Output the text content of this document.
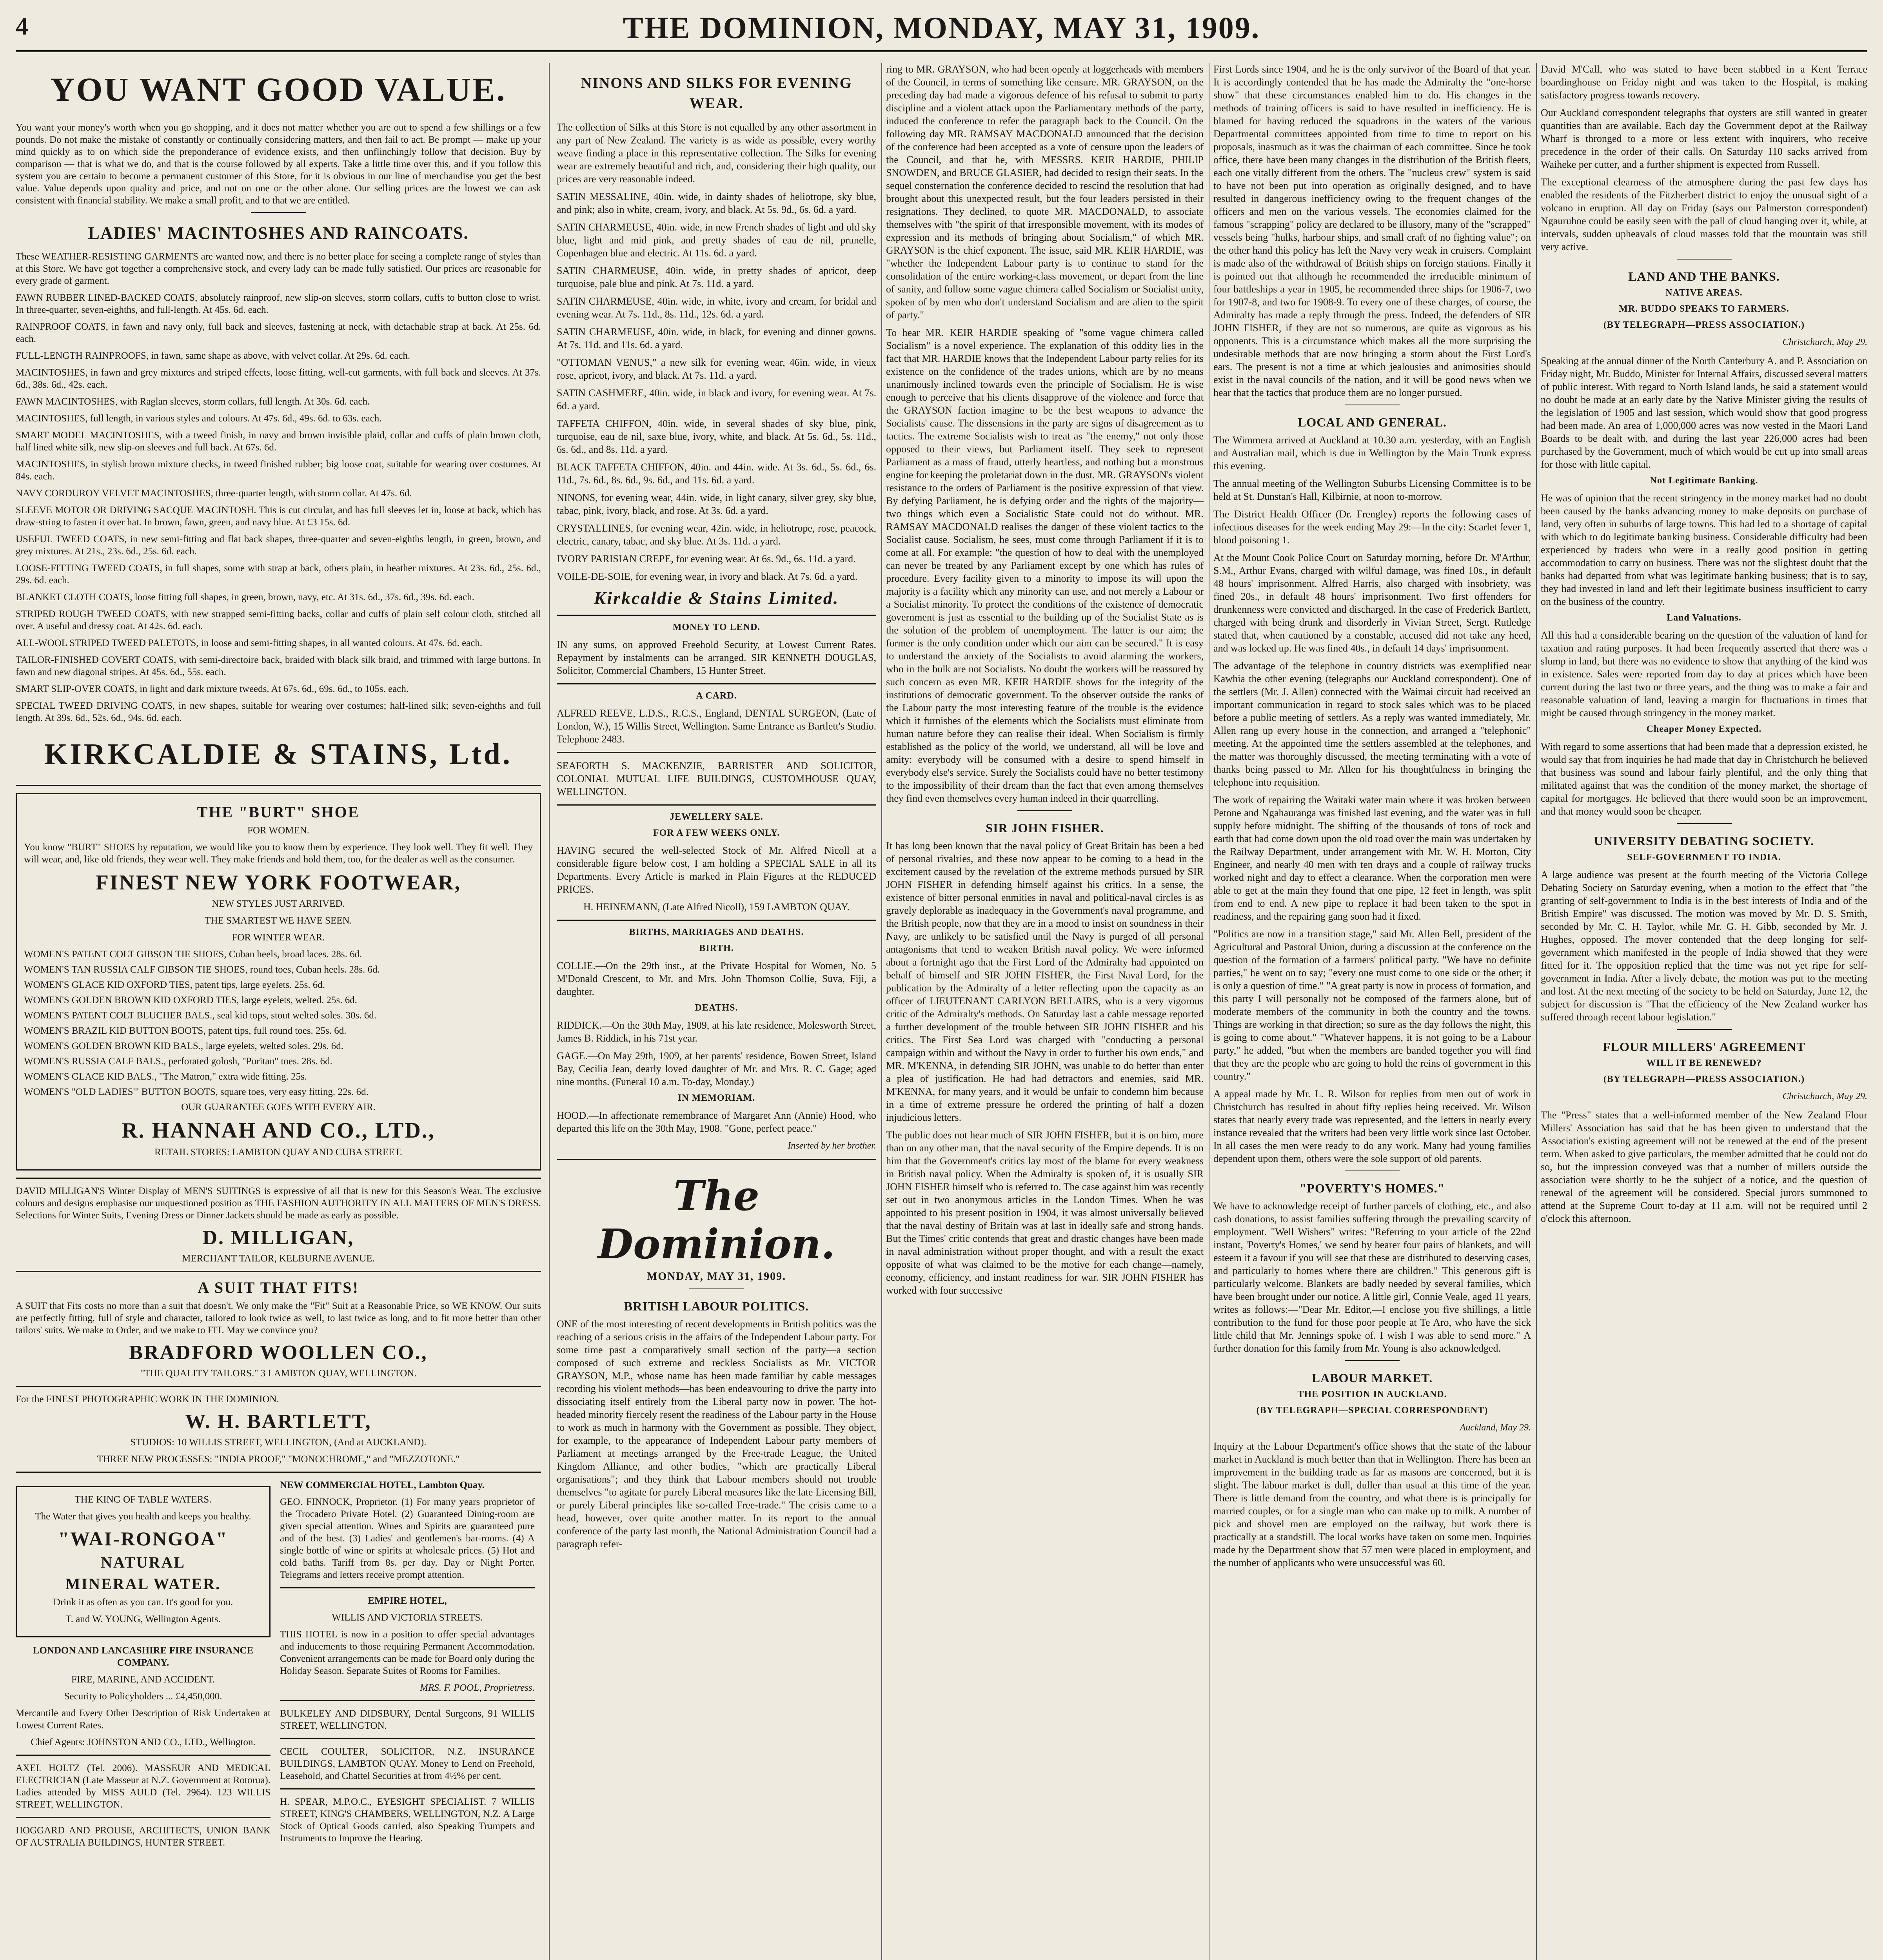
4	THE DOMINION, MONDAY, MAY 31, 1909.
YOU WANT GOOD VALUE.

You want your money's worth when you go shopping, and it does not matter whether you are out to spend a few shillings or a few pounds. Do not make the mistake of constantly or continually considering matters, and then fail to act. Be prompt — make up your mind quickly as to on which side the preponderance of evidence exists, and then unflinchingly follow that decision. Buy by comparison — that is what we do, and that is the course followed by all experts. Take a little time over this, and if you follow this system you are certain to become a permanent customer of this Store, for it is obvious in our line of merchandise you get the best value. Value depends upon quality and price, and not on one or the other alone. Our selling prices are the lowest we can ask consistent with financial stability. We make a small profit, and to that we are entitled.

LADIES' MACINTOSHES AND RAINCOATS.

These WEATHER-RESISTING GARMENTS are wanted now, and there is no better place for seeing a complete range of styles than at this Store. We have got together a comprehensive stock, and every lady can be made fully satisfied. Our prices are reasonable for every grade of garment.

FAWN RUBBER LINED-BACKED COATS, absolutely rainproof, new slip-on sleeves, storm collars, cuffs to button close to wrist. In three-quarter, seven-eighths, and full-length. At 45s. 6d. each.

RAINPROOF COATS, in fawn and navy only, full back and sleeves, fastening at neck, with detachable strap at back. At 25s. 6d. each.

FULL-LENGTH RAINPROOFS, in fawn, same shape as above, with velvet collar. At 29s. 6d. each.

MACINTOSHES, in fawn and grey mixtures and striped effects, loose fitting, well-cut garments, with full back and sleeves. At 37s. 6d., 38s. 6d., 42s. each.

FAWN MACINTOSHES, with Raglan sleeves, storm collars, full length. At 30s. 6d. each.

MACINTOSHES, full length, in various styles and colours. At 47s. 6d., 49s. 6d. to 63s. each.

SMART MODEL MACINTOSHES, with a tweed finish, in navy and brown invisible plaid, collar and cuffs of plain brown cloth, half lined white silk, new slip-on sleeves and full back. At 67s. 6d.

MACINTOSHES, in stylish brown mixture checks, in tweed finished rubber; big loose coat, suitable for wearing over costumes. At 84s. each.

NAVY CORDUROY VELVET MACINTOSHES, three-quarter length, with storm collar. At 47s. 6d.

SLEEVE MOTOR OR DRIVING SACQUE MACINTOSH. This is cut circular, and has full sleeves let in, loose at back, which has draw-string to fasten it over hat. In brown, fawn, green, and navy blue. At £3 15s. 6d.

USEFUL TWEED COATS, in new semi-fitting and flat back shapes, three-quarter and seven-eighths length, in green, brown, and grey mixtures. At 21s., 23s. 6d., 25s. 6d. each.

LOOSE-FITTING TWEED COATS, in full shapes, some with strap at back, others plain, in heather mixtures. At 23s. 6d., 25s. 6d., 29s. 6d. each.

BLANKET CLOTH COATS, loose fitting full shapes, in green, brown, navy, etc. At 31s. 6d., 37s. 6d., 39s. 6d. each.

STRIPED ROUGH TWEED COATS, with new strapped semi-fitting backs, collar and cuffs of plain self colour cloth, stitched all over. A useful and dressy coat. At 42s. 6d. each.

ALL-WOOL STRIPED TWEED PALETOTS, in loose and semi-fitting shapes, in all wanted colours. At 47s. 6d. each.

TAILOR-FINISHED COVERT COATS, with semi-directoire back, braided with black silk braid, and trimmed with large buttons. In fawn and new diagonal stripes. At 45s. 6d., 55s. each.

SMART SLIP-OVER COATS, in light and dark mixture tweeds. At 67s. 6d., 69s. 6d., to 105s. each.

SPECIAL TWEED DRIVING COATS, in new shapes, suitable for wearing over costumes; half-lined silk; seven-eighths and full length. At 39s. 6d., 52s. 6d., 94s. 6d. each.

KIRKCALDIE & STAINS, Ltd.
THE "BURT" SHOE

FOR WOMEN.

You know "BURT" SHOES by reputation, we would like you to know them by experience. They look well. They fit well. They will wear, and, like old friends, they wear well. They make friends and hold them, too, for the dealer as well as the consumer.

FINEST NEW YORK FOOTWEAR,

NEW STYLES JUST ARRIVED.

THE SMARTEST WE HAVE SEEN.

FOR WINTER WEAR.

WOMEN'S PATENT COLT GIBSON TIE SHOES, Cuban heels, broad laces. 28s. 6d.

WOMEN'S TAN RUSSIA CALF GIBSON TIE SHOES, round toes, Cuban heels. 28s. 6d.

WOMEN'S GLACE KID OXFORD TIES, patent tips, large eyelets. 25s. 6d.

WOMEN'S GOLDEN BROWN KID OXFORD TIES, large eyelets, welted. 25s. 6d.

WOMEN'S PATENT COLT BLUCHER BALS., seal kid tops, stout welted soles. 30s. 6d.

WOMEN'S BRAZIL KID BUTTON BOOTS, patent tips, full round toes. 25s. 6d.

WOMEN'S GOLDEN BROWN KID BALS., large eyelets, welted soles. 29s. 6d.

WOMEN'S RUSSIA CALF BALS., perforated golosh, "Puritan" toes. 28s. 6d.

WOMEN'S GLACE KID BALS., "The Matron," extra wide fitting. 25s.

WOMEN'S "OLD LADIES'" BUTTON BOOTS, square toes, very easy fitting. 22s. 6d.

OUR GUARANTEE GOES WITH EVERY AIR.

R. HANNAH AND CO., LTD.,

RETAIL STORES: LAMBTON QUAY AND CUBA STREET.

DAVID MILLIGAN'S Winter Display of MEN'S SUITINGS is expressive of all that is new for this Season's Wear. The exclusive colours and designs emphasise our unquestioned position as THE FASHION AUTHORITY IN ALL MATTERS OF MEN'S DRESS. Selections for Winter Suits, Evening Dress or Dinner Jackets should be made as early as possible.

D. MILLIGAN,

MERCHANT TAILOR, KELBURNE AVENUE.

A SUIT THAT FITS!

A SUIT that Fits costs no more than a suit that doesn't. We only make the "Fit" Suit at a Reasonable Price, so WE KNOW. Our suits are perfectly fitting, full of style and character, tailored to look twice as well, to last twice as long, and to fit more better than other tailors' suits. We make to Order, and we make to FIT. May we convince you?

BRADFORD WOOLLEN CO.,

"THE QUALITY TAILORS." 3 LAMBTON QUAY, WELLINGTON.

For the FINEST PHOTOGRAPHIC WORK IN THE DOMINION.

W. H. BARTLETT,

STUDIOS: 10 WILLIS STREET, WELLINGTON, (And at AUCKLAND).

THREE NEW PROCESSES: "INDIA PROOF," "MONOCHROME," and "MEZZOTONE."

THE KING OF TABLE WATERS.

The Water that gives you health and keeps you healthy.

"WAI-RONGOA"
NATURAL
MINERAL WATER.

Drink it as often as you can. It's good for you.

T. and W. YOUNG, Wellington Agents.

LONDON AND LANCASHIRE FIRE INSURANCE COMPANY.

FIRE, MARINE, AND ACCIDENT.

Security to Policyholders ... £4,450,000.

Mercantile and Every Other Description of Risk Undertaken at Lowest Current Rates.

Chief Agents: JOHNSTON AND CO., LTD., Wellington.

AXEL HOLTZ (Tel. 2006). MASSEUR AND MEDICAL ELECTRICIAN (Late Masseur at N.Z. Government at Rotorua). Ladies attended by MISS AULD (Tel. 2964). 123 WILLIS STREET, WELLINGTON.

HOGGARD AND PROUSE, ARCHITECTS, UNION BANK OF AUSTRALIA BUILDINGS, HUNTER STREET.

NEW COMMERCIAL HOTEL, Lambton Quay.

GEO. FINNOCK, Proprietor. (1) For many years proprietor of the Trocadero Private Hotel. (2) Guaranteed Dining-room are given special attention. Wines and Spirits are guaranteed pure and of the best. (3) Ladies' and gentlemen's bar-rooms. (4) A single bottle of wine or spirits at wholesale prices. (5) Hot and cold baths. Tariff from 8s. per day. Day or Night Porter. Telegrams and letters receive prompt attention.

EMPIRE HOTEL,

WILLIS AND VICTORIA STREETS.

THIS HOTEL is now in a position to offer special advantages and inducements to those requiring Permanent Accommodation. Convenient arrangements can be made for Board only during the Holiday Season. Separate Suites of Rooms for Families.

MRS. F. POOL, Proprietress.

BULKELEY AND DIDSBURY, Dental Surgeons, 91 WILLIS STREET, WELLINGTON.

CECIL COULTER, SOLICITOR, N.Z. INSURANCE BUILDINGS, LAMBTON QUAY. Money to Lend on Freehold, Leasehold, and Chattel Securities at from 4½% per cent.

H. SPEAR, M.P.O.C., EYESIGHT SPECIALIST. 7 WILLIS STREET, KING'S CHAMBERS, WELLINGTON, N.Z. A Large Stock of Optical Goods carried, also Speaking Trumpets and Instruments to Improve the Hearing.

NINONS AND SILKS FOR EVENING WEAR.

The collection of Silks at this Store is not equalled by any other assortment in any part of New Zealand. The variety is as wide as possible, every worthy weave finding a place in this representative collection. The Silks for evening wear are extremely beautiful and rich, and, considering their high quality, our prices are very reasonable indeed.

SATIN MESSALINE, 40in. wide, in dainty shades of heliotrope, sky blue, and pink; also in white, cream, ivory, and black. At 5s. 9d., 6s. 6d. a yard.

SATIN CHARMEUSE, 40in. wide, in new French shades of light and old sky blue, light and mid pink, and pretty shades of eau de nil, prunelle, Copenhagen blue and electric. At 11s. 6d. a yard.

SATIN CHARMEUSE, 40in. wide, in pretty shades of apricot, deep turquoise, pale blue and pink. At 7s. 11d. a yard.

SATIN CHARMEUSE, 40in. wide, in white, ivory and cream, for bridal and evening wear. At 7s. 11d., 8s. 11d., 12s. 6d. a yard.

SATIN CHARMEUSE, 40in. wide, in black, for evening and dinner gowns. At 7s. 11d. and 11s. 6d. a yard.

"OTTOMAN VENUS," a new silk for evening wear, 46in. wide, in vieux rose, apricot, ivory, and black. At 7s. 11d. a yard.

SATIN CASHMERE, 40in. wide, in black and ivory, for evening wear. At 7s. 6d. a yard.

TAFFETA CHIFFON, 40in. wide, in several shades of sky blue, pink, turquoise, eau de nil, saxe blue, ivory, white, and black. At 5s. 6d., 5s. 11d., 6s. 6d., and 8s. 11d. a yard.

BLACK TAFFETA CHIFFON, 40in. and 44in. wide. At 3s. 6d., 5s. 6d., 6s. 11d., 7s. 6d., 8s. 6d., 9s. 6d., and 11s. 6d. a yard.

NINONS, for evening wear, 44in. wide, in light canary, silver grey, sky blue, tabac, pink, ivory, black, and rose. At 3s. 6d. a yard.

CRYSTALLINES, for evening wear, 42in. wide, in heliotrope, rose, peacock, electric, canary, tabac, and sky blue. At 3s. 11d. a yard.

IVORY PARISIAN CREPE, for evening wear. At 6s. 9d., 6s. 11d. a yard.

VOILE-DE-SOIE, for evening wear, in ivory and black. At 7s. 6d. a yard.

Kirkcaldie & Stains Limited.
MONEY TO LEND.

IN any sums, on approved Freehold Security, at Lowest Current Rates. Repayment by instalments can be arranged. SIR KENNETH DOUGLAS, Solicitor, Commercial Chambers, 15 Hunter Street.

A CARD.

ALFRED REEVE, L.D.S., R.C.S., England, DENTAL SURGEON, (Late of London, W.), 15 Willis Street, Wellington. Same Entrance as Bartlett's Studio. Telephone 2483.

SEAFORTH S. MACKENZIE, BARRISTER AND SOLICITOR, COLONIAL MUTUAL LIFE BUILDINGS, CUSTOMHOUSE QUAY, WELLINGTON.

JEWELLERY SALE.
FOR A FEW WEEKS ONLY.

HAVING secured the well-selected Stock of Mr. Alfred Nicoll at a considerable figure below cost, I am holding a SPECIAL SALE in all its Departments. Every Article is marked in Plain Figures at the REDUCED PRICES.

H. HEINEMANN, (Late Alfred Nicoll), 159 LAMBTON QUAY.

BIRTHS, MARRIAGES AND DEATHS.
BIRTH.

COLLIE.—On the 29th inst., at the Private Hospital for Women, No. 5 M'Donald Crescent, to Mr. and Mrs. John Thomson Collie, Suva, Fiji, a daughter.

DEATHS.

RIDDICK.—On the 30th May, 1909, at his late residence, Molesworth Street, James B. Riddick, in his 71st year.

GAGE.—On May 29th, 1909, at her parents' residence, Bowen Street, Island Bay, Cecilia Jean, dearly loved daughter of Mr. and Mrs. R. C. Gage; aged nine months. (Funeral 10 a.m. To-day, Monday.)

IN MEMORIAM.

HOOD.—In affectionate remembrance of Margaret Ann (Annie) Hood, who departed this life on the 30th May, 1908. "Gone, perfect peace."

Inserted by her brother.

The Dominion.
MONDAY, MAY 31, 1909.
BRITISH LABOUR POLITICS.

ONE of the most interesting of recent developments in British politics was the reaching of a serious crisis in the affairs of the Independent Labour party. For some time past a comparatively small section of the party—a section composed of such extreme and reckless Socialists as Mr. VICTOR GRAYSON, M.P., whose name has been made familiar by cable messages recording his violent methods—has been endeavouring to drive the party into dissociating itself entirely from the Liberal party now in power. The hot-headed minority fiercely resent the readiness of the Labour party in the House to work as much in harmony with the Government as possible. They object, for example, to the appearance of Independent Labour party members of Parliament at meetings arranged by the Free-trade League, the United Kingdom Alliance, and other bodies, "which are practically Liberal organisations"; and they think that Labour members should not trouble themselves "to agitate for purely Liberal measures like the late Licensing Bill, or purely Liberal principles like so-called Free-trade." The crisis came to a head, however, over quite another matter. In its report to the annual conference of the party last month, the National Administration Council had a paragraph refer-

ring to MR. GRAYSON, who had been openly at loggerheads with members of the Council, in terms of something like censure. MR. GRAYSON, on the preceding day had made a vigorous defence of his refusal to submit to party discipline and a violent attack upon the Parliamentary methods of the party, induced the conference to refer the paragraph back to the Council. On the following day MR. RAMSAY MACDONALD announced that the decision of the conference had been accepted as a vote of censure upon the leaders of the Council, and that he, with MESSRS. KEIR HARDIE, PHILIP SNOWDEN, and BRUCE GLASIER, had decided to resign their seats. In the sequel consternation the conference decided to rescind the resolution that had brought about this unexpected result, but the four leaders persisted in their resignations. They declined, to quote MR. MACDONALD, to associate themselves with "the spirit of that irresponsible movement, with its modes of expression and its methods of bringing about Socialism," of which MR. GRAYSON is the chief exponent. The issue, said MR. KEIR HARDIE, was "whether the Independent Labour party is to continue to stand for the consolidation of the entire working-class movement, or depart from the line of sanity, and follow some vague chimera called Socialism or Socialist unity, spoken of by men who don't understand Socialism and are alien to the spirit of party."

To hear MR. KEIR HARDIE speaking of "some vague chimera called Socialism" is a novel experience. The explanation of this oddity lies in the fact that MR. HARDIE knows that the Independent Labour party relies for its existence on the confidence of the trades unions, which are by no means unanimously inclined towards even the principle of Socialism. He is wise enough to perceive that his clients disapprove of the violence and force that the GRAYSON faction imagine to be the best weapons to advance the Socialists' cause. The dissensions in the party are signs of disagreement as to tactics. The extreme Socialists wish to treat as "the enemy," not only those opposed to their views, but Parliament itself. They seek to represent Parliament as a mass of fraud, utterly heartless, and nothing but a monstrous engine for keeping the proletariat down in the dust. MR. GRAYSON's violent resistance to the orders of Parliament is the positive expression of that view. By defying Parliament, he is defying order and the rights of the majority—two things which even a Socialistic State could not do without. MR. RAMSAY MACDONALD realises the danger of these violent tactics to the Socialist cause. Socialism, he sees, must come through Parliament if it is to come at all. For example: "the question of how to deal with the unemployed can never be treated by any Parliament except by one which has rules of procedure. Every facility given to a minority to impose its will upon the majority is a facility which any minority can use, and not merely a Labour or a Socialist minority. To protect the conditions of the existence of democratic government is just as essential to the building up of the Socialist State as is the solution of the problem of unemployment. The latter is our aim; the former is the only condition under which our aim can be secured." It is easy to understand the anxiety of the Socialists to avoid alarming the workers, who in the bulk are not Socialists. No doubt the workers will be reassured by such concern as even MR. KEIR HARDIE shows for the integrity of the institutions of democratic government. To the observer outside the ranks of the Labour party the most interesting feature of the trouble is the evidence which it furnishes of the elements which the Socialists must eliminate from human nature before they can realise their ideal. When Socialism is firmly established as the policy of the world, we understand, all will be love and amity: everybody will be consumed with a desire to spend himself in everybody else's service. Surely the Socialists could have no better testimony to the impossibility of their dream than the fact that even among themselves they find even themselves every human indeed in their quarrelling.

SIR JOHN FISHER.

It has long been known that the naval policy of Great Britain has been a bed of personal rivalries, and these now appear to be coming to a head in the excitement caused by the revelation of the extreme methods pursued by SIR JOHN FISHER in defending himself against his critics. In a sense, the existence of bitter personal enmities in naval and political-naval circles is as gravely deplorable as inadequacy in the Government's naval programme, and the British people, now that they are in a mood to insist on soundness in their Navy, are unlikely to be satisfied until the Navy is purged of all personal antagonisms that tend to weaken British naval policy. We were informed about a fortnight ago that the First Lord of the Admiralty had appointed on behalf of himself and SIR JOHN FISHER, the First Naval Lord, for the publication by the Admiralty of a letter reflecting upon the capacity as an officer of LIEUTENANT CARLYON BELLAIRS, who is a very vigorous critic of the Admiralty's methods. On Saturday last a cable message reported a further development of the trouble between SIR JOHN FISHER and his critics. The First Sea Lord was charged with "conducting a personal campaign within and without the Navy in order to further his own ends," and MR. M'KENNA, in defending SIR JOHN, was unable to do better than enter a plea of justification. He had had detractors and enemies, said MR. M'KENNA, for many years, and it would be unfair to condemn him because in a time of extreme pressure he ordered the printing of half a dozen injudicious letters.

The public does not hear much of SIR JOHN FISHER, but it is on him, more than on any other man, that the naval security of the Empire depends. It is on him that the Government's critics lay most of the blame for every weakness in British naval policy. When the Admiralty is spoken of, it is usually SIR JOHN FISHER himself who is referred to. The case against him was recently set out in two anonymous articles in the London Times. When he was appointed to his present position in 1904, it was almost universally believed that the naval destiny of Britain was at last in ideally safe and strong hands. But the Times' critic contends that great and drastic changes have been made in naval administration without proper thought, and with a result the exact opposite of what was claimed to be the motive for each change—namely, economy, efficiency, and instant readiness for war. SIR JOHN FISHER has worked with four successive

First Lords since 1904, and he is the only survivor of the Board of that year. It is accordingly contended that he has made the Admiralty the "one-horse show" that these circumstances enabled him to do. His changes in the methods of training officers is said to have resulted in inefficiency. He is blamed for having reduced the squadrons in the waters of the various Departmental committees appointed from time to time to report on his proposals, inasmuch as it was the chairman of each committee. Since he took office, there have been many changes in the distribution of the British fleets, each one vitally different from the others. The "nucleus crew" system is said to have not been put into operation as originally designed, and to have resulted in dangerous inefficiency owing to the frequent changes of the officers and men on the various vessels. The economies claimed for the famous "scrapping" policy are declared to be illusory, many of the "scrapped" vessels being "hulks, harbour ships, and small craft of no fighting value"; on the other hand this policy has left the Navy very weak in cruisers. Complaint is made also of the withdrawal of British ships on foreign stations. Finally it is pointed out that although he recommended the irreducible minimum of four battleships a year in 1905, he recommended three ships for 1906-7, two for 1907-8, and two for 1908-9. To every one of these charges, of course, the Admiralty has made a reply through the press. Indeed, the defenders of SIR JOHN FISHER, if they are not so numerous, are quite as vigorous as his opponents. This is a circumstance which makes all the more surprising the undesirable methods that are now bringing a storm about the First Lord's ears. The present is not a time at which jealousies and animosities should exist in the naval councils of the nation, and it will be good news when we hear that the tactics that produce them are no longer pursued.

LOCAL AND GENERAL.

The Wimmera arrived at Auckland at 10.30 a.m. yesterday, with an English and Australian mail, which is due in Wellington by the Main Trunk express this evening.

The annual meeting of the Wellington Suburbs Licensing Committee is to be held at St. Dunstan's Hall, Kilbirnie, at noon to-morrow.

The District Health Officer (Dr. Frengley) reports the following cases of infectious diseases for the week ending May 29:—In the city: Scarlet fever 1, blood poisoning 1.

At the Mount Cook Police Court on Saturday morning, before Dr. M'Arthur, S.M., Arthur Evans, charged with wilful damage, was fined 10s., in default 48 hours' imprisonment. Alfred Harris, also charged with insobriety, was fined 20s., in default 48 hours' imprisonment. Two first offenders for drunkenness were convicted and discharged. In the case of Frederick Bartlett, charged with being drunk and disorderly in Vivian Street, Sergt. Rutledge stated that, when cautioned by a constable, accused did not take any heed, and was locked up. He was fined 40s., in default 14 days' imprisonment.

The advantage of the telephone in country districts was exemplified near Kawhia the other evening (telegraphs our Auckland correspondent). One of the settlers (Mr. J. Allen) connected with the Waimai circuit had received an important communication in regard to stock sales which was to be placed before a public meeting of settlers. As a reply was wanted immediately, Mr. Allen rang up every house in the connection, and arranged a "telephonic" meeting. At the appointed time the settlers assembled at the telephones, and the matter was thoroughly discussed, the meeting terminating with a vote of thanks being passed to Mr. Allen for his thoughtfulness in bringing the telephone into requisition.

The work of repairing the Waitaki water main where it was broken between Petone and Ngahauranga was finished last evening, and the water was in full supply before midnight. The shifting of the thousands of tons of rock and earth that had come down upon the old road over the main was undertaken by the Railway Department, under arrangement with Mr. W. H. Morton, City Engineer, and nearly 40 men with ten drays and a couple of railway trucks worked night and day to effect a clearance. When the corporation men were able to get at the main they found that one pipe, 12 feet in length, was split from end to end. A new pipe to replace it had been taken to the spot in readiness, and the repairing gang soon had it fixed.

"Politics are now in a transition stage," said Mr. Allen Bell, president of the Agricultural and Pastoral Union, during a discussion at the conference on the question of the formation of a farmers' political party. "We have no definite parties," he went on to say; "every one must come to one side or the other; it is only a question of time." "A great party is now in process of formation, and this party I will personally not be composed of the farmers alone, but of moderate members of the community in both the country and the towns. Things are working in that direction; so sure as the day follows the night, this is going to come about." "Whatever happens, it is not going to be a Labour party," he added, "but when the members are banded together you will find that they are the people who are going to hold the reins of government in this country."

A appeal made by Mr. L. R. Wilson for replies from men out of work in Christchurch has resulted in about fifty replies being received. Mr. Wilson states that nearly every trade was represented, and the letters in nearly every instance revealed that the writers had been very little work since last October. In all cases the men were ready to do any work. Many had young families dependent upon them, others were the sole support of old parents.

"POVERTY'S HOMES."

We have to acknowledge receipt of further parcels of clothing, etc., and also cash donations, to assist families suffering through the prevailing scarcity of employment. "Well Wishers" writes: "Referring to your article of the 22nd instant, 'Poverty's Homes,' we send by bearer four pairs of blankets, and will esteem it a favour if you will see that these are distributed to deserving cases, and particularly to homes where there are children." This generous gift is particularly welcome. Blankets are badly needed by several families, which have been brought under our notice. A little girl, Connie Veale, aged 11 years, writes as follows:—"Dear Mr. Editor,—I enclose you five shillings, a little contribution to the fund for those poor people at Te Aro, who have the sick little child that Mr. Jennings spoke of. I wish I was able to send more." A further donation for this family from Mr. Young is also acknowledged.

LABOUR MARKET.
THE POSITION IN AUCKLAND.
(BY TELEGRAPH—SPECIAL CORRESPONDENT)

Auckland, May 29.

Inquiry at the Labour Department's office shows that the state of the labour market in Auckland is much better than that in Wellington. There has been an improvement in the building trade as far as masons are concerned, but it is slight. The labour market is dull, duller than usual at this time of the year. There is little demand from the country, and what there is is principally for married couples, or for a single man who can make up to milk. A number of pick and shovel men are employed on the railway, but work there is practically at a standstill. The local works have taken on some men. Inquiries made by the Department show that 57 men were placed in employment, and the number of applicants who were unsuccessful was 60.

David M'Call, who was stated to have been stabbed in a Kent Terrace boardinghouse on Friday night and was taken to the Hospital, is making satisfactory progress towards recovery.

Our Auckland correspondent telegraphs that oysters are still wanted in greater quantities than are available. Each day the Government depot at the Railway Wharf is thronged to a more or less extent with inquirers, who receive precedence in the order of their calls. On Saturday 110 sacks arrived from Waiheke per cutter, and a further shipment is expected from Russell.

The exceptional clearness of the atmosphere during the past few days has enabled the residents of the Fitzherbert district to enjoy the unusual sight of a volcano in eruption. All day on Friday (says our Palmerston correspondent) Ngauruhoe could be easily seen with the pall of cloud hanging over it, while, at intervals, sudden upheavals of cloud masses told that the mountain was still very active.

LAND AND THE BANKS.
NATIVE AREAS.
MR. BUDDO SPEAKS TO FARMERS.
(BY TELEGRAPH—PRESS ASSOCIATION.)

Christchurch, May 29.

Speaking at the annual dinner of the North Canterbury A. and P. Association on Friday night, Mr. Buddo, Minister for Internal Affairs, discussed several matters of public interest. With regard to North Island lands, he said a statement would no doubt be made at an early date by the Native Minister giving the results of the legislation of 1905 and last session, which would show that good progress had been made. An area of 1,000,000 acres was now vested in the Maori Land Boards to be dealt with, and during the last year 226,000 acres had been purchased by the Government, much of which would be cut up into small areas for those with little capital.

Not Legitimate Banking.

He was of opinion that the recent stringency in the money market had no doubt been caused by the banks advancing money to make deposits on purchase of land, very often in suburbs of large towns. This had led to a shortage of capital with which to do legitimate banking business. Considerable difficulty had been experienced by traders who were in a really good position in getting accommodation to carry on business. There was not the slightest doubt that the banks had departed from what was legitimate banking business; that is to say, they had invested in land and left their legitimate business insufficient to carry on the business of the country.

Land Valuations.

All this had a considerable bearing on the question of the valuation of land for taxation and rating purposes. It had been frequently asserted that there was a slump in land, but there was no evidence to show that anything of the kind was in existence. Sales were reported from day to day at prices which have been current during the last two or three years, and the thing was to make a fair and reasonable valuation of land, leaving a margin for fluctuations in times that might be caused through stringency in the money market.

Cheaper Money Expected.

With regard to some assertions that had been made that a depression existed, he would say that from inquiries he had made that day in Christchurch he believed that business was sound and labour fairly plentiful, and the only thing that militated against that was the condition of the money market, the shortage of capital for mortgages. He believed that there would soon be an improvement, and that money would soon be cheaper.

UNIVERSITY DEBATING SOCIETY.
SELF-GOVERNMENT TO INDIA.

A large audience was present at the fourth meeting of the Victoria College Debating Society on Saturday evening, when a motion to the effect that "the granting of self-government to India is in the best interests of India and of the British Empire" was discussed. The motion was moved by Mr. D. S. Smith, seconded by Mr. C. H. Taylor, while Mr. G. H. Gibb, seconded by Mr. J. Hughes, opposed. The mover contended that the deep longing for self-government which manifested in the people of India showed that they were fitted for it. The opposition replied that the time was not yet ripe for self-government in India. After a lively debate, the motion was put to the meeting and lost. At the next meeting of the society to be held on Saturday, June 12, the subject for discussion is "That the efficiency of the New Zealand worker has suffered through recent labour legislation."

FLOUR MILLERS' AGREEMENT
WILL IT BE RENEWED?
(BY TELEGRAPH—PRESS ASSOCIATION.)

Christchurch, May 29.

The "Press" states that a well-informed member of the New Zealand Flour Millers' Association has said that he has been given to understand that the Association's existing agreement will not be renewed at the end of the present term. When asked to give particulars, the member admitted that he could not do so, but the impression conveyed was that a number of millers outside the association were shortly to be the subject of a notice, and the question of renewal of the agreement will be considered. Special jurors summoned to attend at the Supreme Court to-day at 11 a.m. will not be required until 2 o'clock this afternoon.
